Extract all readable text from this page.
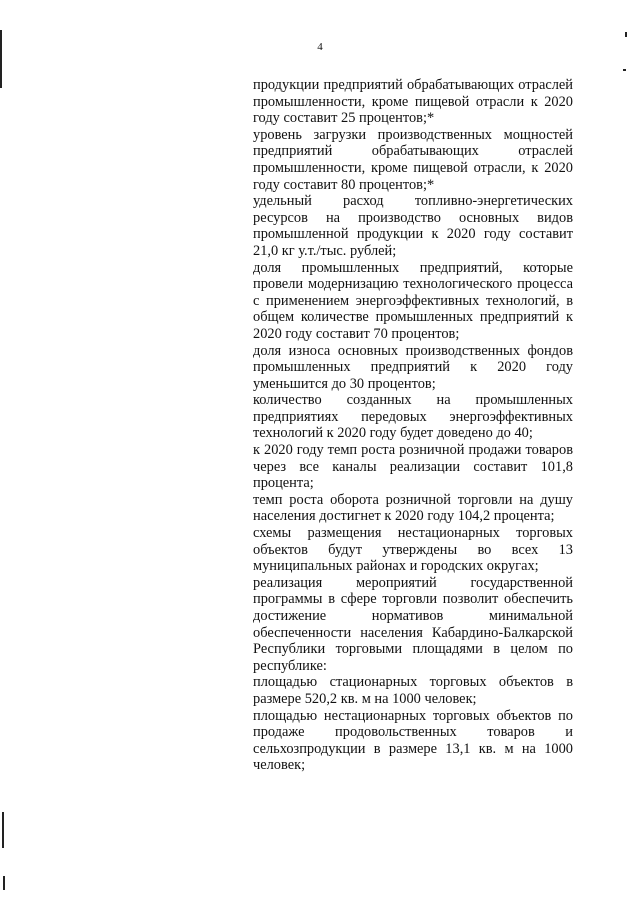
4

продукции предприятий обрабатывающих отраслей промышленности, кроме пищевой отрасли к 2020 году составит 25 процентов;*

уровень загрузки производственных мощностей предприятий обрабатывающих отраслей промышленности, кроме пищевой отрасли, к 2020 году составит 80 процентов;*

удельный расход топливно-энергетических ресурсов на производство основных видов промышленной продукции к 2020 году составит 21,0 кг у.т./тыс. рублей;

доля промышленных предприятий, которые провели модернизацию технологического процесса с применением энергоэффективных технологий, в общем количестве промышленных предприятий к 2020 году составит 70 процентов;

доля износа основных производственных фондов промышленных предприятий к 2020 году уменьшится до 30 процентов;

количество созданных на промышленных предприятиях передовых энергоэффективных технологий к 2020 году будет доведено до 40;

к 2020 году темп роста розничной продажи товаров через все каналы реализации составит 101,8 процента;

темп роста оборота розничной торговли на душу населения достигнет к 2020 году 104,2 процента;

схемы размещения нестационарных торговых объектов будут утверждены во всех 13 муниципальных районах и городских округах;

реализация мероприятий государственной программы в сфере торговли позволит обеспечить достижение нормативов минимальной обеспеченности населения Кабардино-Балкарской Республики торговыми площадями в целом по республике:

площадью стационарных торговых объектов в размере 520,2 кв. м на 1000 человек;

площадью нестационарных торговых объектов по продаже продовольственных товаров и сельхозпродукции в размере 13,1 кв. м на 1000 человек;
